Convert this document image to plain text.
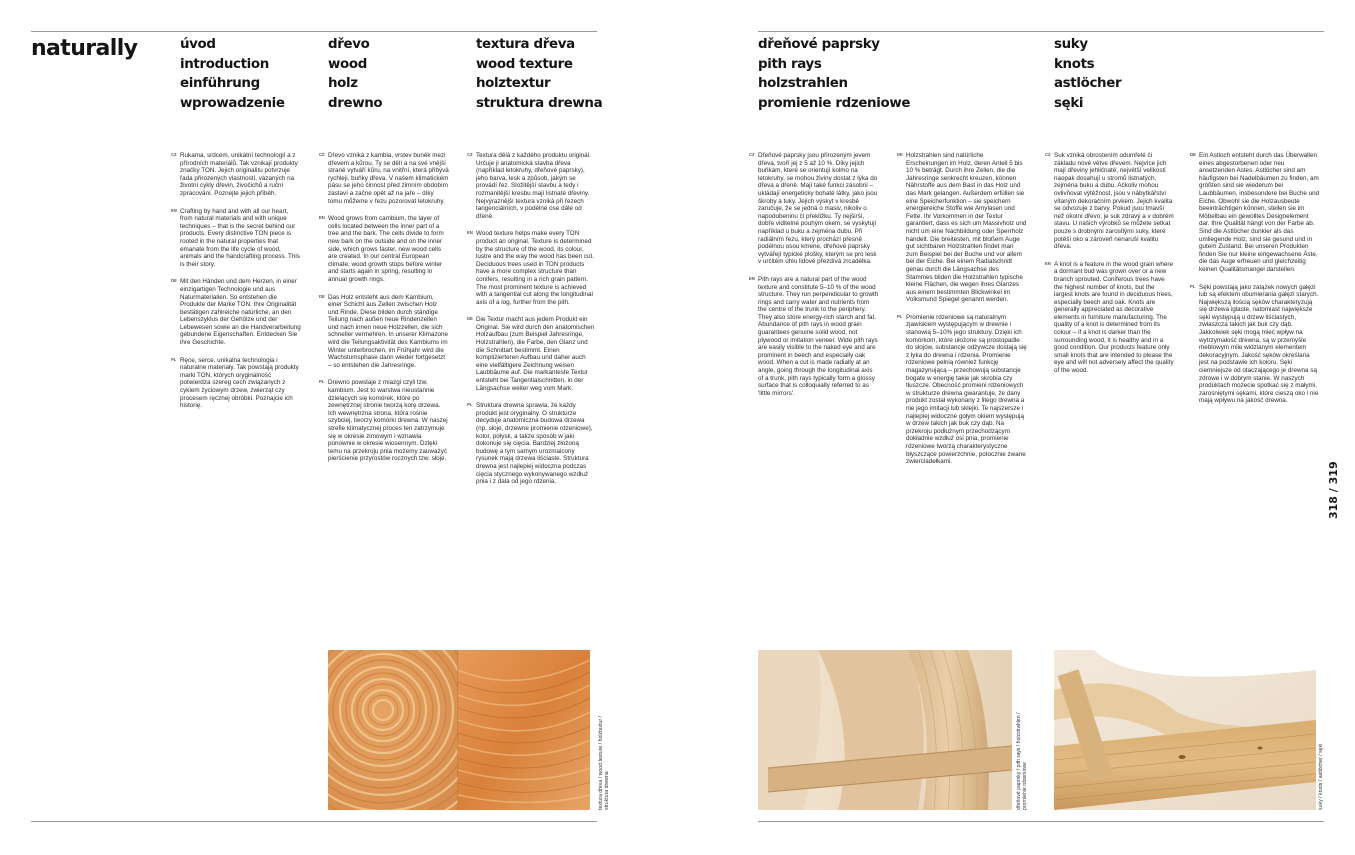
naturally	úvod
introduction
einführung
wprowadzenie
dřevo
wood
holz
drewno
textura dřeva
wood texture
holztextur
struktura drewna
dřeňové paprsky
pith rays
holzstrahlen
promienie rdzeniowe
suky
knots
astlöcher
sęki
CZ Rukama, srdcem, unikátní technologií a z přírodních materiálů. Tak vznikají produkty značky TON. Jejich originalitu potvrzuje řada přirozených vlastností, vázaných na životní cykly dřevin, živočichů a ruční zpracování. Poznejte jejich příběh.

EN Crafting by hand and with all our heart, from natural materials and with unique techniques – that is the secret behind our products. Every distinctive TON piece is rooted in the natural properties that emanate from the life cycle of wood, animals and the handcrafting process. This is their story.

DE Mit den Händen und dem Herzen, in einer einzigartigen Technologie und aus Naturmaterialien. So entstehen die Produkte der Marke TON. Ihre Originalität bestätigen zahlreiche natürliche, an den Lebenszyklus der Gehölze und der Lebewesen sowie an die Handverarbeitung gebundene Eigenschaften. Entdecken Sie ihre Geschichte.

PL Ręce, serce, unikalna technologia i naturalne materiały. Tak powstają produkty marki TON, których oryginalność potwierdza szereg cech związanych z cyklem życiowym drzew, zwierząt czy procesem ręcznej obróbki. Poznajcie ich historię.

CZ Dřevo vzniká z kambia, vrstev buněk mezi dřevem a kůrou. Ty se dělí a na své vnější straně vytváří kůru, na vnitřní, která přibývá rychleji, buňky dřeva. V našem klimatickém pásu se jeho činnost před zimním obdobím zastaví a začne opět až na jaře – díky tomu můžeme v řezu pozorovat letokruhy.

EN Wood grows from cambium, the layer of cells located between the inner part of a tree and the bark. The cells divide to form new bark on the outside and on the inner side, which grows faster, new wood cells are created. In our central European climate, wood growth stops before winter and starts again in spring, resulting in annual growth rings.

DE Das Holz entsteht aus dem Kambium, einer Schicht aus Zellen zwischen Holz und Rinde. Diese bilden durch ständige Teilung nach außen neue Rindenzellen und nach innen neue Holzzellen, die sich schneller vermehren. In unserer Klimazone wird die Teilungsaktivität des Kambiums im Winter unterbrochen, im Frühjahr wird die Wachstumsphase dann wieder fortgesetzt – so entstehen die Jahresringe.

PL Drewno powstaje z miazgi czyli tzw. kambium. Jest to warstwa nieustannie dzielących się komórek, które po zewnętrznej stronie tworzą korę drzewa. Ich wewnętrzna strona, która rośnie szybciej, tworzy komórki drewna. W naszej strefie klimatycznej proces ten zatrzymuje się w okresie zimowym i wznawia ponownie w okresie wiosennym. Dzięki temu na przekroju pnia możemy zauważyć pierścienie przyrostów rocznych tzw. słoje.

CZ Textura dělá z každého produktu originál. Určuje ji anatomická stavba dřeva (například letokruhy, dřeňové paprsky), jeho barva, lesk a způsob, jakým se provádí řez. Složitější stavbu a tedy i rozmanitější kresbu mají listnaté dřeviny. Nejvýraznější textura vzniká při řezech tangenciálních, v podélné ose dále od dřeně.

EN Wood texture helps make every TON product an original. Texture is determined by the structure of the wood, its colour, lustre and the way the wood has been cut. Deciduous trees used in TON products have a more complex structure than conifers, resulting in a rich grain pattern. The most prominent texture is achieved with a tangential cut along the longitudinal axis of a log, further from the pith.

DE Die Textur macht aus jedem Produkt ein Original. Sie wird durch den anatomischen Holzaufbau (zum Beispiel Jahresringe, Holzstrahlen), die Farbe, den Glanz und die Schnittart bestimmt. Einen komplizierteren Aufbau und daher auch eine vielfältigere Zeichnung weisen Laubbäume auf. Die markanteste Textur entsteht bei Tangentialschnitten, in der Längsachse weiter weg vom Mark.

PL Struktura drewna sprawia, że każdy produkt jest oryginalny. O strukturze decyduje anatomiczna budowa drzewa (np. słoje, drzewne promienie rdzeniowe), kolor, połysk, a także sposób w jaki dokonuje się cięcia. Bardziej złożoną budowę a tym samym urozmaicony rysunek mają drzewa liściaste. Struktura drewna jest najlepiej widoczna podczas cięcia stycznego wykonywanego wzdłuż pnia i z dala od jego rdzenia.

CZ Dřeňové paprsky jsou přirozeným jevem dřeva, tvoří jej z 5 až 10 %. Díky jejich buňkám, které se orientují kolmo na letokruhy, se mohou živiny dostat z lýka do dřeva a dřeně. Mají také funkci zásobní – ukládají energeticky bohaté látky, jako jsou škroby a tuky. Jejich výskyt v kresbě zaručuje, že se jedná o masiv, nikoliv o napodobeninu či překližku. Ty nejširší, dobře viditelné pouhým okem, se vyskytují například u buku a zejména dubu. Při radiálním řezu, který prochází přesně podélnou osou kmene, dřeňové paprsky vytvářejí typické plošky, kterým se pro lesk v určitém úhlu lidově přezdívá zrcadélka.

EN Pith rays are a natural part of the wood texture and constitute 5–10 % of the wood structure. They run perpendicular to growth rings and carry water and nutrients from the centre of the trunk to the periphery. They also store energy-rich starch and fat. Abundance of pith rays in wood grain guarantees genuine solid wood, not plywood or imitation veneer. Wide pith rays are easily visible to the naked eye and are prominent in beech and especially oak wood. When a cut is made radially at an angle, going through the longitudinal axis of a trunk, pith rays typically form a glossy surface that is colloquially referred to as 'little mirrors'.

DE Holzstrahlen sind natürliche Erscheinungen im Holz, deren Anteil 5 bis 10 % beträgt. Durch ihre Zellen, die die Jahresringe senkrecht kreuzen, können Nährstoffe aus dem Bast in das Holz und das Mark gelangen. Außerdem erfüllen sie eine Speicherfunktion – sie speichern energiereiche Stoffe wie Amylasen und Fette. Ihr Vorkommen in der Textur garantiert, dass es sich um Massivholz und nicht um eine Nachbildung oder Sperrholz handelt. Die breitesten, mit bloßem Auge gut sichtbaren Holzstrahlen findet man zum Beispiel bei der Buche und vor allem bei der Eiche. Bei einem Radialschnitt genau durch die Längsachse des Stammes bilden die Holzstrahlen typische kleine Flächen, die wegen ihres Glanzes aus einem bestimmten Blickwinkel im Volksmund Spiegel genannt werden.

PL Promienie rdzeniowe są naturalnym zjawiskiem występującym w drewnie i stanowią 5–10% jego struktury. Dzięki ich komórkom, które ułożone są prostopadle do słojów, substancje odżywcze dostają się z łyka do drewna i rdzenia. Promienie rdzeniowe pełnią również funkcję magazynującą – przechowują substancje bogate w energię takie jak skrobia czy tłuszcze. Obecność promieni rdzeniowych w strukturze drewna gwarantuje, że dany produkt został wykonany z litego drewna a nie jego imitacji lub sklejki. Te najszersze i najlepiej widoczne gołym okiem występują w drzew takich jak buk czy dąb. Na przekroju podłużnym przechodzącym dokładnie wzdłuż osi pnia, promienie rdzeniowe tworzą charakterystyczne błyszczące powierzchnie, potocznie zwane zwierciadełkami.

CZ Suk vzniká obrostením odumřelé či základu nové větve dřevem. Nejvíce jich mají dřeviny jehličnaté, největší velikosti naopak dosahují u stromů listnatých, zejména buku a dubu. Ačkoliv mohou ovlivňovat výtěžnost, jsou v nábytkářství vítaným dekoračním prvkem. Jejich kvalita se odvozuje z barvy. Pokud jsou tmavší než okolní dřevo, je suk zdravý a v dobrém stavu. U našich výrobků se můžete setkat pouze s drobnými zarostlými suky, které potěší oko a zároveň nenaruší kvalitu dřeva.

EN A knot is a feature in the wood grain where a dormant bud was grown over or a new branch sprouted. Coniferous trees have the highest number of knots, but the largest knots are found in deciduous trees, especially beech and oak. Knots are generally appreciated as decorative elements in furniture manufacturing. The quality of a knot is determined from its colour – if a knot is darker than the surrounding wood, it is healthy and in a good condition. Our products feature only small knots that are intended to please the eye and will not adversely affect the quality of the wood.

DE Ein Astloch entsteht durch das Überwallen eines abgestorbenen oder neu ansetzenden Astes. Astlöcher sind am häufigsten bei Nadelbäumen zu finden, am größten sind sie wiederum bei Laubbäumen, insbesondere bei Buche und Eiche. Obwohl sie die Holzausbeute beeinträchtigen können, stellen sie im Möbelbau ein gewolltes Designelement dar. Ihre Qualität hängt von der Farbe ab. Sind die Astlöcher dunkler als das umliegende Holz, sind sie gesund und in gutem Zustand. Bei unseren Produkten finden Sie nur kleine eingewachsene Äste, die das Auge erfreuen und gleichzeitig keinen Qualitätsmangel darstellen.

PL Sęki powstają jako zalążek nowych gałęzi lub są efektem obumierania gałęzi starych. Największą ilością sęków charakteryzują się drzewa iglaste, natomiast największe sęki występują u drzew liściastych, zwłaszcza takich jak buk czy dąb. Jakkolwiek sęki mogą mieć wpływ na wytrzymałość drewna, są w przemyśle meblowym mile widzianym elementem dekoracyjnym. Jakość sęków określana jest na podstawie ich koloru. Sęki ciemniejsze od otaczającego je drewna są zdrowe i w dobrym stanie. W naszych produktach możecie spotkać się z małymi, zarośniętymi sękami, które cieszą oko i nie mają wpływu na jakość drewna.

textura dřeva / wood texture / holztextur /
struktura drewna	dřeňové paprsky / pith rays / holzstrahlen /
promienie rdzeniowe	suky / knots / astlöcher / sęki
318 / 319
